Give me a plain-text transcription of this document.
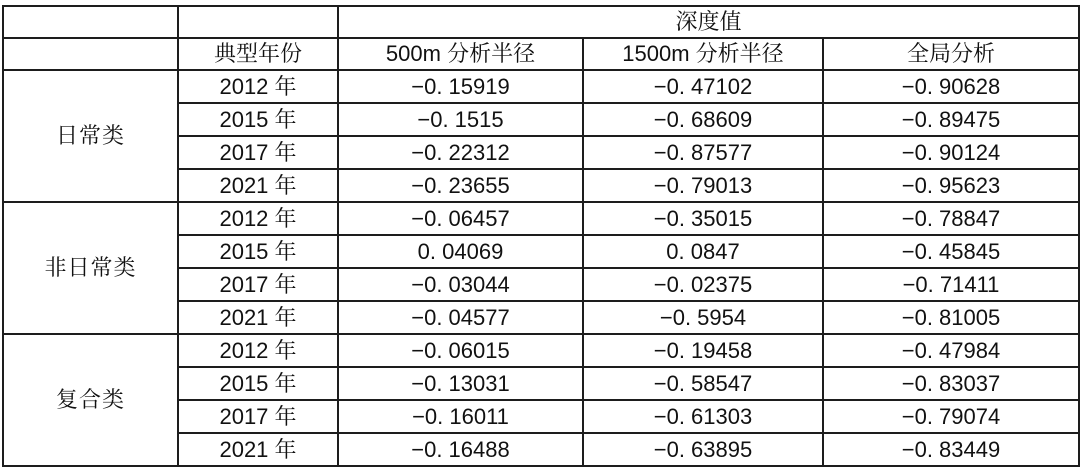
		深度值		
	典型年份	500m 分析半径	1500m 分析半径	全局分析
日常类	2012 年	−0. 15919	−0. 47102	−0. 90628
	2015 年	−0. 1515	−0. 68609	−0. 89475
	2017 年	−0. 22312	−0. 87577	−0. 90124
	2021 年	−0. 23655	−0. 79013	−0. 95623
非日常类	2012 年	−0. 06457	−0. 35015	−0. 78847
	2015 年	0. 04069	0. 0847	−0. 45845
	2017 年	−0. 03044	−0. 02375	−0. 71411
	2021 年	−0. 04577	−0. 5954	−0. 81005
复合类	2012 年	−0. 06015	−0. 19458	−0. 47984
	2015 年	−0. 13031	−0. 58547	−0. 83037
	2017 年	−0. 16011	−0. 61303	−0. 79074
	2021 年	−0. 16488	−0. 63895	−0. 83449
